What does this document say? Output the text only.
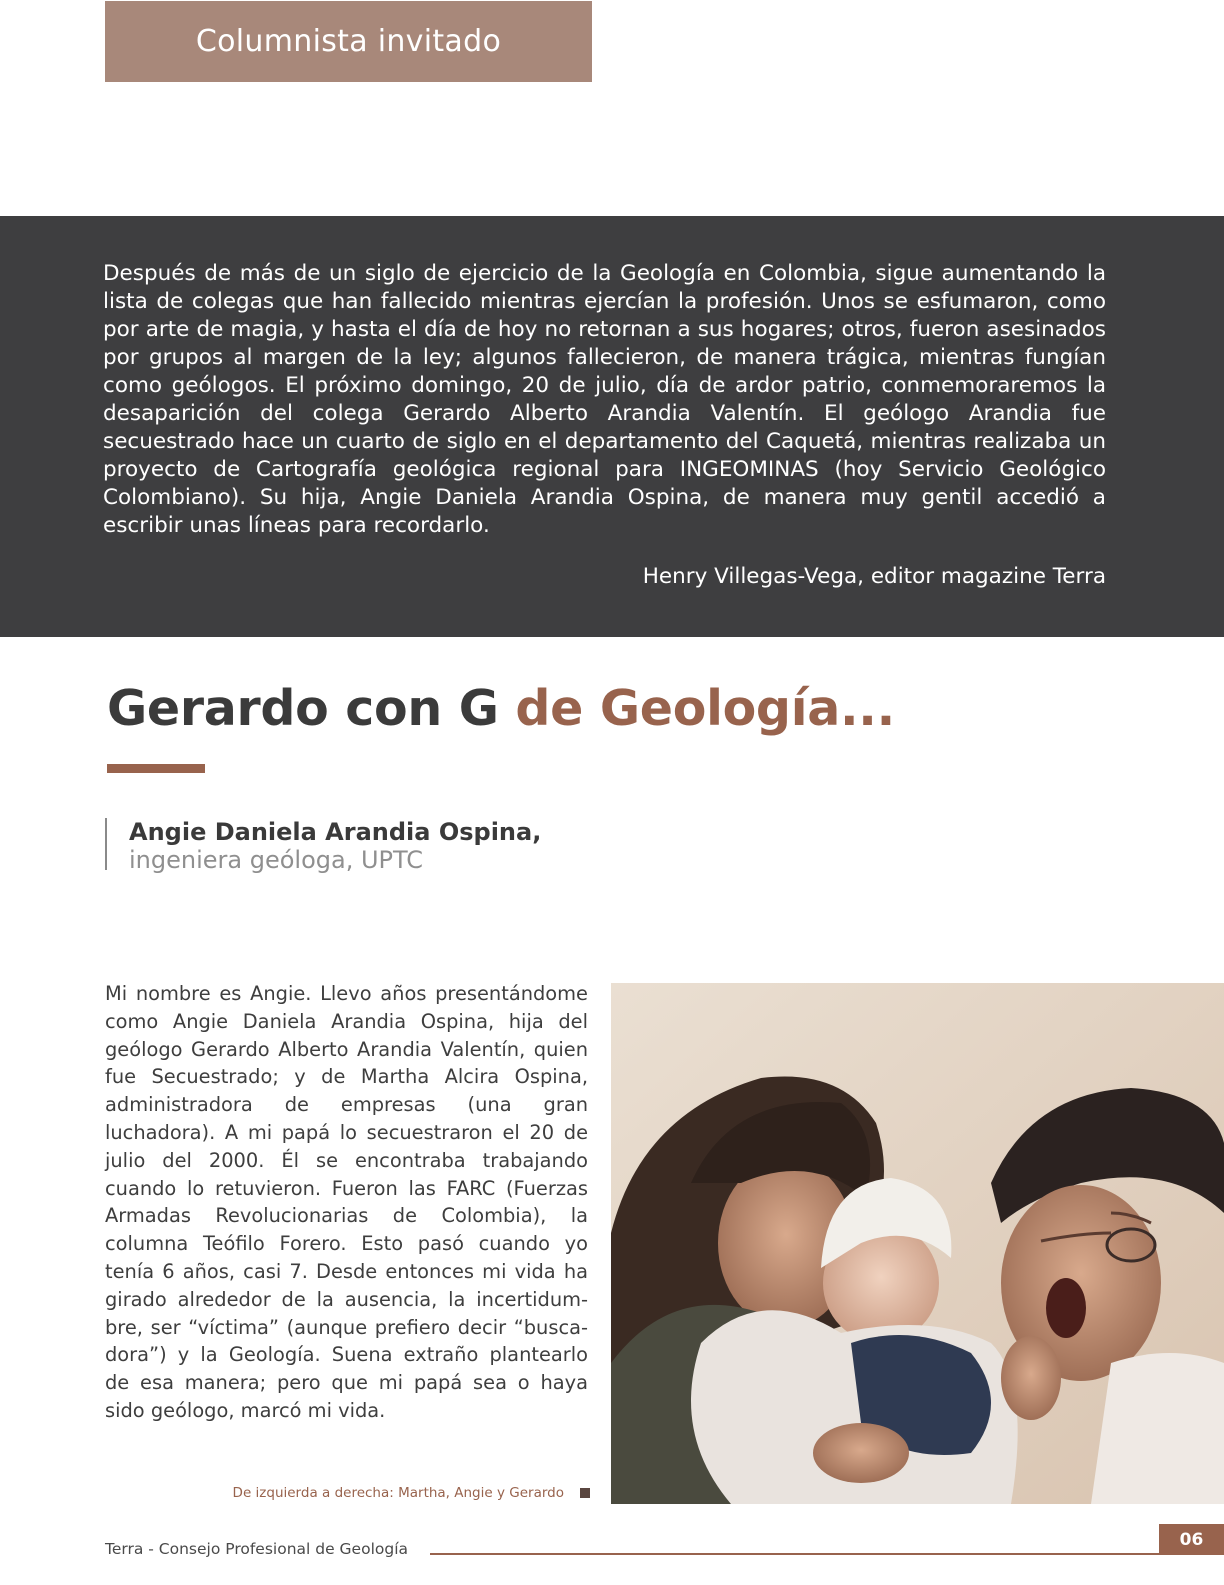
Columnista invitado

Después de más de un siglo de ejercicio de la Geología en Colombia, sigue aumentando la lista de colegas que han fallecido mientras ejercían la profesión. Unos se esfumaron, como por arte de magia, y hasta el día de hoy no retornan a sus hogares; otros, fueron asesinados por grupos al margen de la ley; algunos fallecieron, de manera trágica, mientras fungían como geólogos. El próximo domingo, 20 de julio, día de ardor patrio, conmemoraremos la desaparición del colega Gerardo Alberto Arandia Valentín. El geólogo Arandia fue secuestrado hace un cuarto de siglo en el departamento del Caquetá, mientras realizaba un proyecto de Cartografía geológica regional para INGEOMINAS (hoy Servicio Geológico Colombiano). Su hija, Angie Daniela Arandia Ospina, de manera muy gentil accedió a escribir unas líneas para recordarlo.

Henry Villegas-Vega, editor magazine Terra

Gerardo con G de Geología...
Angie Daniela Arandia Ospina,
ingeniera geóloga, UPTC

Mi nombre es Angie. Llevo años presentándome como Angie Daniela Arandia Ospina, hija del geólogo Gerardo Alberto Arandia Valentín, quien fue Secuestrado; y de Martha Alcira Ospina, administradora de empresas (una gran luchadora). A mi papá lo secuestraron el 20 de julio del 2000. Él se encontraba trabajando cuando lo retuvieron. Fueron las FARC (Fuerzas Armadas Revolucionarias de Colombia), la columna Teófilo Forero. Esto pasó cuando yo tenía 6 años, casi 7. Desde entonces mi vida ha girado alrededor de la ausencia, la incertidumbre, ser “víctima” (aunque prefiero decir “buscadora”) y la Geología. Suena extraño plantearlo de esa manera; pero que mi papá sea o haya sido geólogo, marcó mi vida.

De izquierda a derecha: Martha, Angie y Gerardo
Terra - Consejo Profesional de Geología	06
